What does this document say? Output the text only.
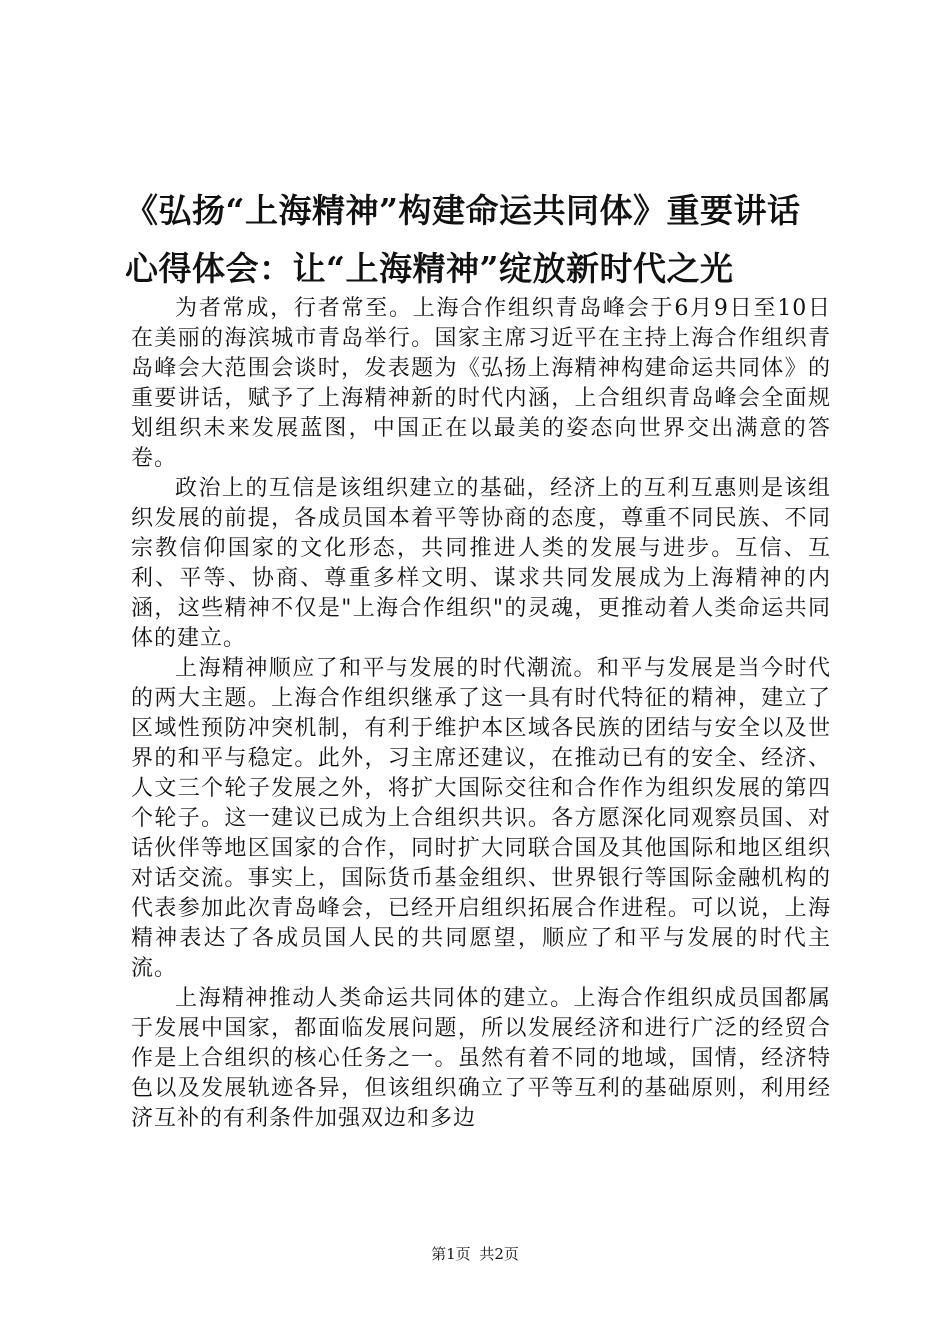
《弘扬“上海精神”构建命运共同体》重要讲话心得体会：让“上海精神”绽放新时代之光

为者常成，行者常至。上海合作组织青岛峰会于6月9日至10日在美丽的海滨城市青岛举行。国家主席习近平在主持上海合作组织青岛峰会大范围会谈时，发表题为《弘扬上海精神构建命运共同体》的重要讲话，赋予了上海精神新的时代内涵，上合组织青岛峰会全面规划组织未来发展蓝图，中国正在以最美的姿态向世界交出满意的答卷。

政治上的互信是该组织建立的基础，经济上的互利互惠则是该组织发展的前提，各成员国本着平等协商的态度，尊重不同民族、不同宗教信仰国家的文化形态，共同推进人类的发展与进步。互信、互利、平等、协商、尊重多样文明、谋求共同发展成为上海精神的内涵，这些精神不仅是"上海合作组织"的灵魂，更推动着人类命运共同体的建立。

上海精神顺应了和平与发展的时代潮流。和平与发展是当今时代的两大主题。上海合作组织继承了这一具有时代特征的精神，建立了区域性预防冲突机制，有利于维护本区域各民族的团结与安全以及世界的和平与稳定。此外，习主席还建议，在推动已有的安全、经济、人文三个轮子发展之外，将扩大国际交往和合作作为组织发展的第四个轮子。这一建议已成为上合组织共识。各方愿深化同观察员国、对话伙伴等地区国家的合作，同时扩大同联合国及其他国际和地区组织对话交流。事实上，国际货币基金组织、世界银行等国际金融机构的代表参加此次青岛峰会，已经开启组织拓展合作进程。可以说，上海精神表达了各成员国人民的共同愿望，顺应了和平与发展的时代主流。

上海精神推动人类命运共同体的建立。上海合作组织成员国都属于发展中国家，都面临发展问题，所以发展经济和进行广泛的经贸合作是上合组织的核心任务之一。虽然有着不同的地域，国情，经济特色以及发展轨迹各异，但该组织确立了平等互利的基础原则，利用经济互补的有利条件加强双边和多边

第1页 共2页
